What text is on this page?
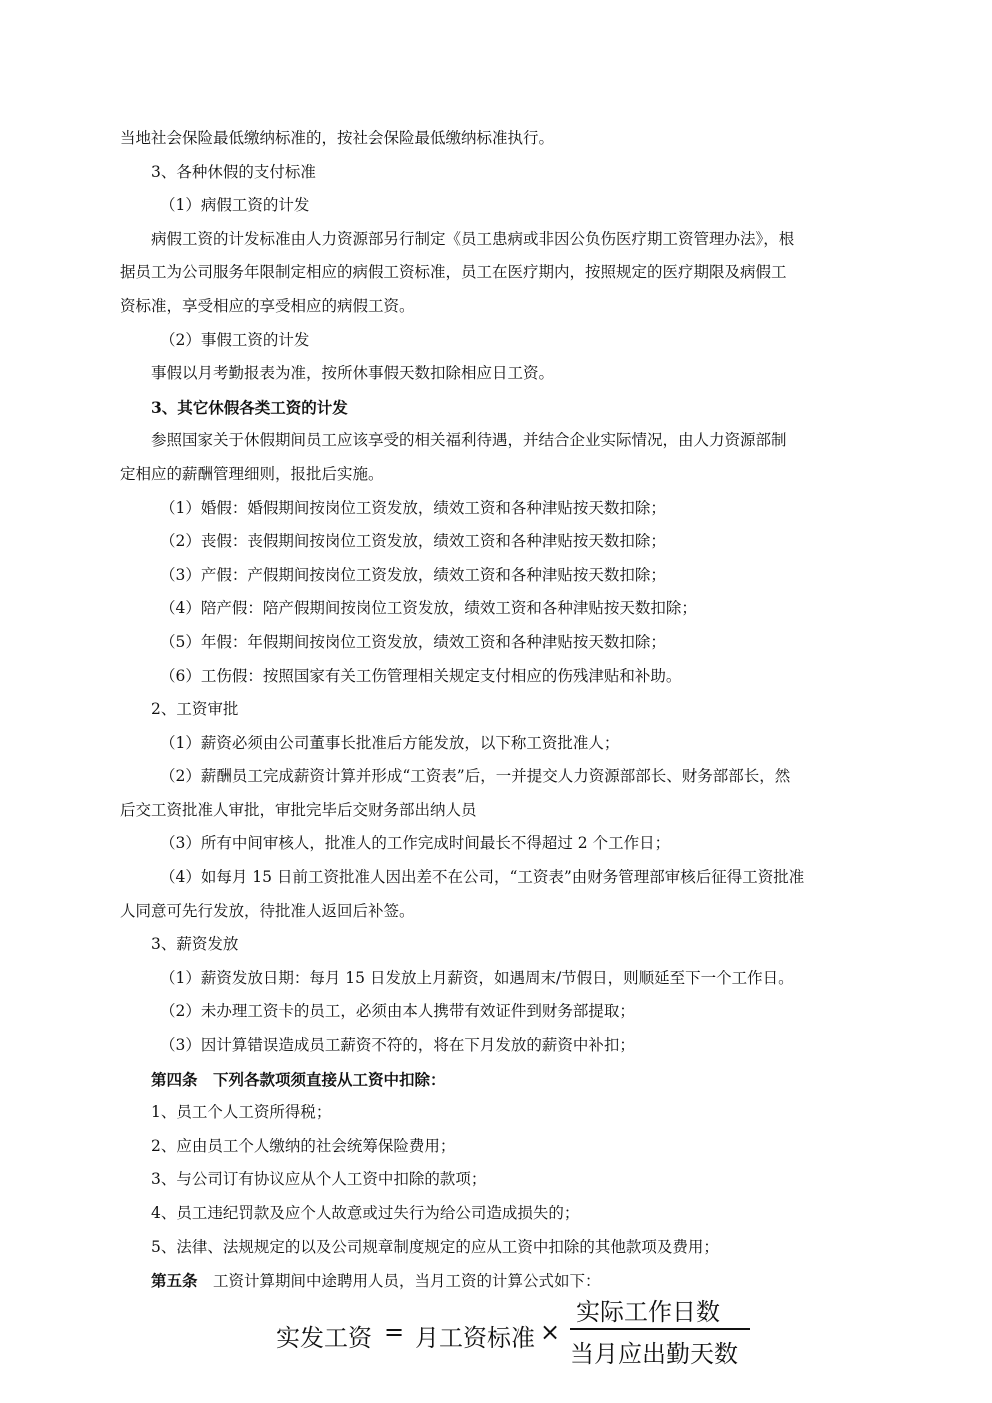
当地社会保险最低缴纳标准的，按社会保险最低缴纳标准执行。
3、各种休假的支付标准
（1）病假工资的计发
病假工资的计发标准由人力资源部另行制定《员工患病或非因公负伤医疗期工资管理办法》，根
据员工为公司服务年限制定相应的病假工资标准，员工在医疗期内，按照规定的医疗期限及病假工
资标准，享受相应的享受相应的病假工资。
（2）事假工资的计发
事假以月考勤报表为准，按所休事假天数扣除相应日工资。
3、其它休假各类工资的计发
参照国家关于休假期间员工应该享受的相关福利待遇，并结合企业实际情况，由人力资源部制
定相应的薪酬管理细则，报批后实施。
（1）婚假：婚假期间按岗位工资发放，绩效工资和各种津贴按天数扣除；
（2）丧假：丧假期间按岗位工资发放，绩效工资和各种津贴按天数扣除；
（3）产假：产假期间按岗位工资发放，绩效工资和各种津贴按天数扣除；
（4）陪产假：陪产假期间按岗位工资发放，绩效工资和各种津贴按天数扣除；
（5）年假：年假期间按岗位工资发放，绩效工资和各种津贴按天数扣除；
（6）工伤假：按照国家有关工伤管理相关规定支付相应的伤残津贴和补助。
2、工资审批
（1）薪资必须由公司董事长批准后方能发放，以下称工资批准人；
（2）薪酬员工完成薪资计算并形成“工资表”后，一并提交人力资源部部长、财务部部长，然
后交工资批准人审批，审批完毕后交财务部出纳人员
（3）所有中间审核人，批准人的工作完成时间最长不得超过 2 个工作日；
（4）如每月 15 日前工资批准人因出差不在公司，“工资表”由财务管理部审核后征得工资批准
人同意可先行发放，待批准人返回后补签。
3、薪资发放
（1）薪资发放日期：每月 15 日发放上月薪资，如遇周末/节假日，则顺延至下一个工作日。
（2）未办理工资卡的员工，必须由本人携带有效证件到财务部提取；
（3）因计算错误造成员工薪资不符的，将在下月发放的薪资中补扣；
第四条　下列各款项须直接从工资中扣除：
1、员工个人工资所得税；
2、应由员工个人缴纳的社会统筹保险费用；
3、与公司订有协议应从个人工资中扣除的款项；
4、员工违纪罚款及应个人故意或过失行为给公司造成损失的；
5、法律、法规规定的以及公司规章制度规定的应从工资中扣除的其他款项及费用；
第五条　工资计算期间中途聘用人员，当月工资的计算公式如下：
实发工资 = 月工资标准 ×
实际工作日数
当月应出勤天数
